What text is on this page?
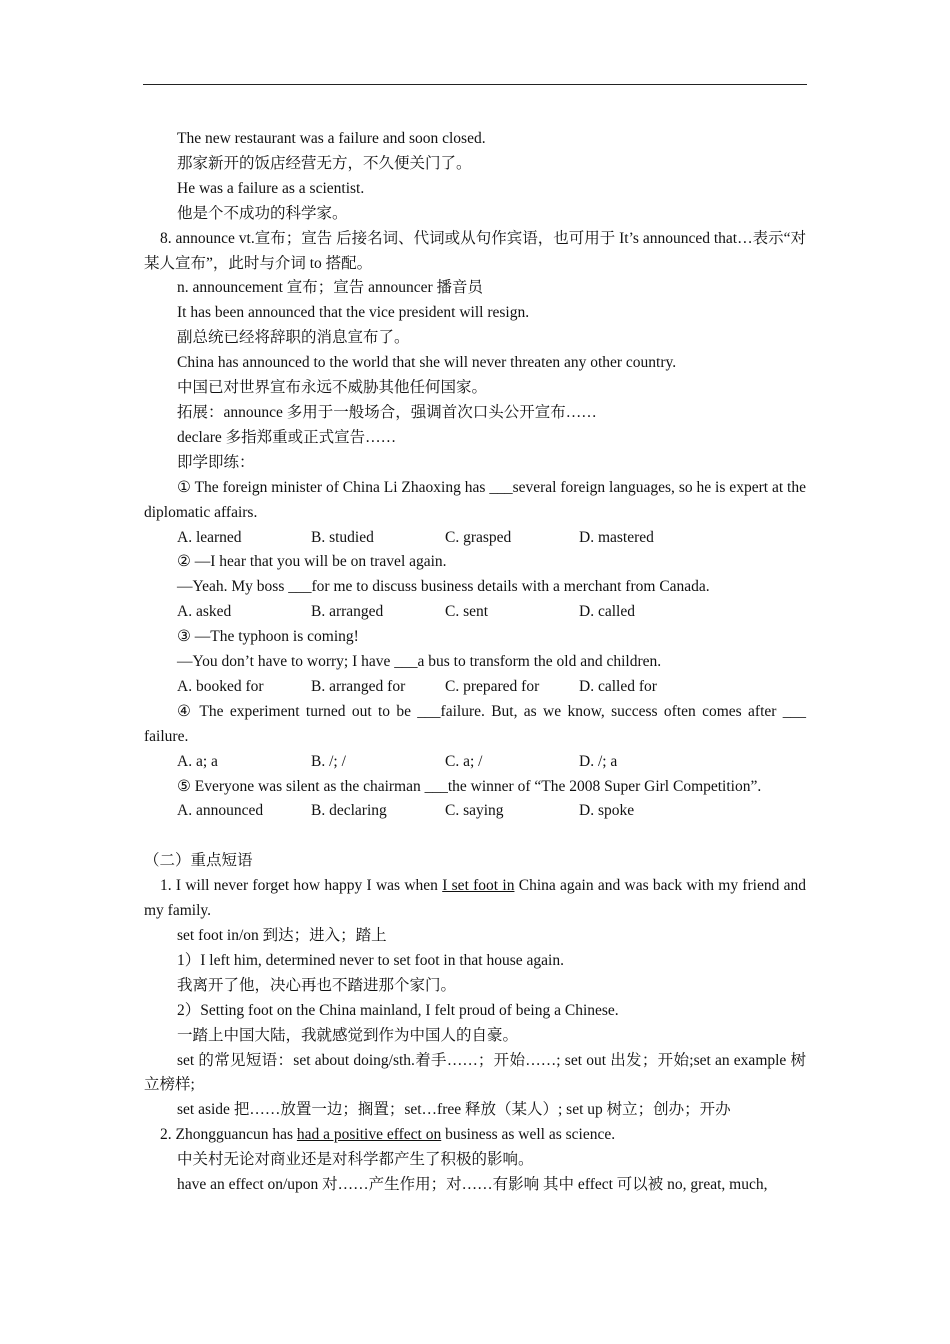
The new restaurant was a failure and soon closed.

那家新开的饭店经营无方，不久便关门了。

He was a failure as a scientist.

他是个不成功的科学家。

8. announce vt.宣布；宣告 后接名词、代词或从句作宾语，也可用于 It’s announced that…表示“对某人宣布”，此时与介词 to 搭配。

n. announcement 宣布；宣告 announcer 播音员

It has been announced that the vice president will resign.

副总统已经将辞职的消息宣布了。

China has announced to the world that she will never threaten any other country.

中国已对世界宣布永远不威胁其他任何国家。

拓展：announce 多用于一般场合，强调首次口头公开宣布……

declare 多指郑重或正式宣告……

即学即练：

① The foreign minister of China Li Zhaoxing has ___several foreign languages, so he is expert at the diplomatic affairs.

A. learned	B. studied	C. grasped	D. mastered

② —I hear that you will be on travel again.

—Yeah. My boss ___for me to discuss business details with a merchant from Canada.

A. asked	B. arranged	C. sent	D. called

③ —The typhoon is coming!

—You don’t have to worry; I have ___a bus to transform the old and children.

A. booked for	B. arranged for	C. prepared for	D. called for

④ The experiment turned out to be ___failure. But, as we know, success often comes after ___ failure.

A. a; a	B. /; /	C. a; /	D. /; a

⑤ Everyone was silent as the chairman ___the winner of “The 2008 Super Girl Competition”.

A. announced	B. declaring	C. saying	D. spoke

（二）重点短语

1. I will never forget how happy I was when I set foot in China again and was back with my friend and my family.

set foot in/on 到达；进入；踏上

1）I left him, determined never to set foot in that house again.

我离开了他，决心再也不踏进那个家门。

2）Setting foot on the China mainland, I felt proud of being a Chinese.

一踏上中国大陆，我就感觉到作为中国人的自豪。

set 的常见短语：set about doing/sth.着手……；开始……; set out 出发；开始;set an example 树立榜样;

set aside 把……放置一边；搁置；set…free 释放（某人）; set up 树立；创办；开办

2. Zhongguancun has had a positive effect on business as well as science.

中关村无论对商业还是对科学都产生了积极的影响。

have an effect on/upon 对……产生作用；对……有影响 其中 effect 可以被 no, great, much,
